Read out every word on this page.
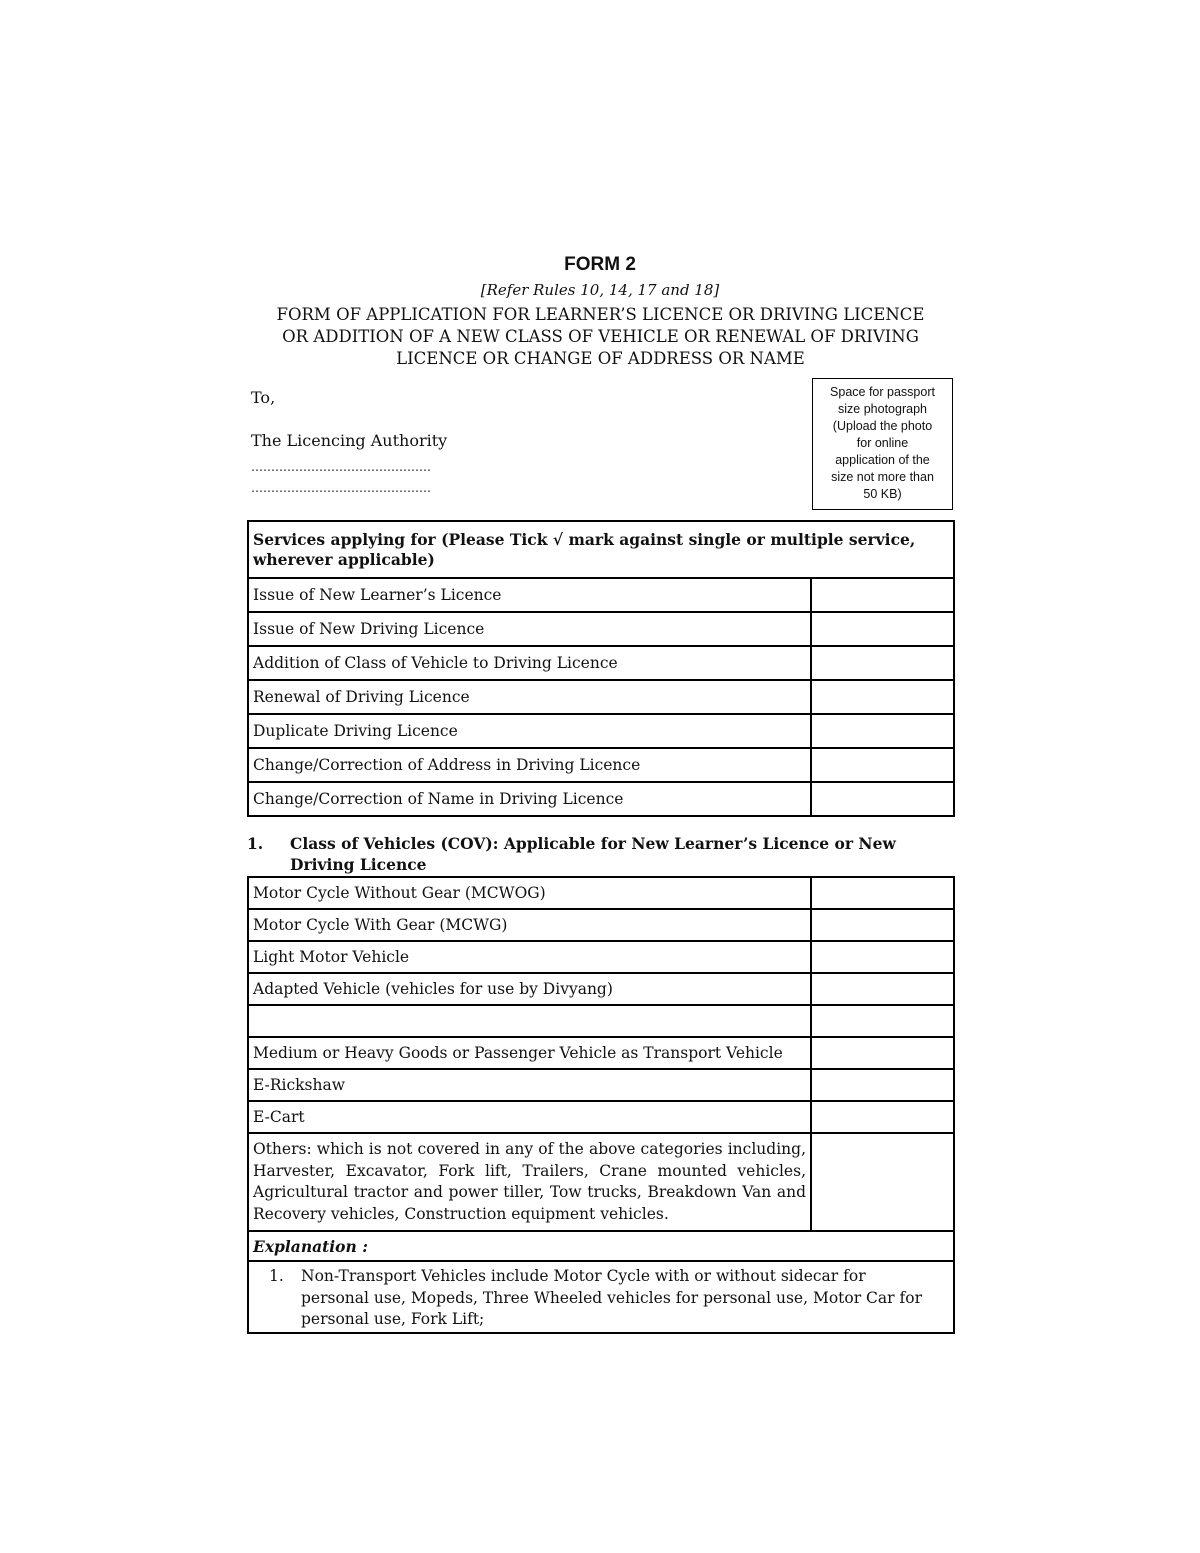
FORM 2
[Refer Rules 10, 14, 17 and 18]
FORM OF APPLICATION FOR LEARNER’S LICENCE OR DRIVING LICENCE
OR ADDITION OF A NEW CLASS OF VEHICLE OR RENEWAL OF DRIVING
LICENCE OR CHANGE OF ADDRESS OR NAME
To,
The Licencing Authority
………………………………………
………………………………………
Space for passport
size photograph
(Upload the photo
for online
application of the
size not more than
50 KB)
Services applying for (Please Tick √ mark against single or multiple service, wherever applicable)	
Issue of New Learner’s Licence	
Issue of New Driving Licence	
Addition of Class of Vehicle to Driving Licence	
Renewal of Driving Licence	
Duplicate Driving Licence	
Change/Correction of Address in Driving Licence	
Change/Correction of Name in Driving Licence	
1. Class of Vehicles (COV): Applicable for New Learner’s Licence or New Driving Licence
Motor Cycle Without Gear (MCWOG)	
Motor Cycle With Gear (MCWG)	
Light Motor Vehicle	
Adapted Vehicle (vehicles for use by Divyang)	

Medium or Heavy Goods or Passenger Vehicle as Transport Vehicle	
E-Rickshaw	
E-Cart	
Others: which is not covered in any of the above categories including, Harvester, Excavator, Fork lift, Trailers, Crane mounted vehicles, Agricultural tractor and power tiller, Tow trucks, Breakdown Van and Recovery vehicles, Construction equipment vehicles.	
Explanation :	
1. Non-Transport Vehicles include Motor Cycle with or without sidecar for personal use, Mopeds, Three Wheeled vehicles for personal use, Motor Car for personal use, Fork Lift;	
